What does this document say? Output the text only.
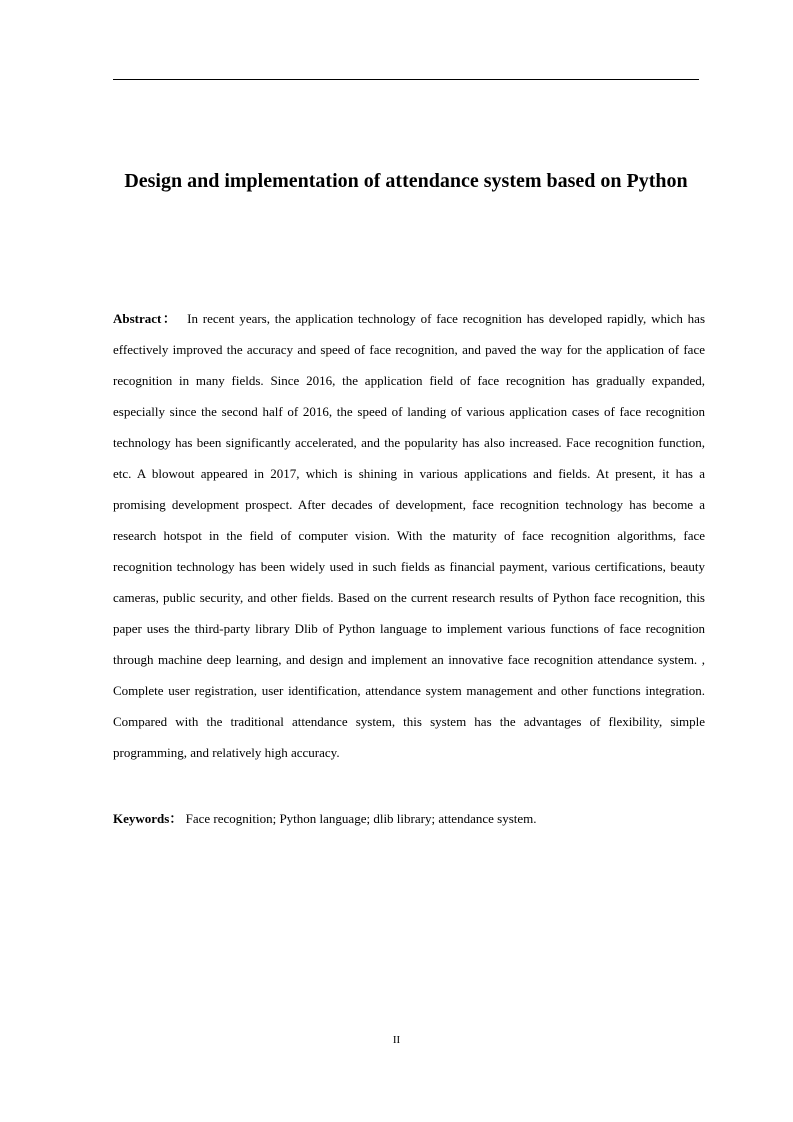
Design and implementation of attendance system based on Python

Abstract： In recent years, the application technology of face recognition has developed rapidly, which has effectively improved the accuracy and speed of face recognition, and paved the way for the application of face recognition in many fields. Since 2016, the application field of face recognition has gradually expanded, especially since the second half of 2016, the speed of landing of various application cases of face recognition technology has been significantly accelerated, and the popularity has also increased. Face recognition function, etc. A blowout appeared in 2017, which is shining in various applications and fields. At present, it has a promising development prospect. After decades of development, face recognition technology has become a research hotspot in the field of computer vision. With the maturity of face recognition algorithms, face recognition technology has been widely used in such fields as financial payment, various certifications, beauty cameras, public security, and other fields. Based on the current research results of Python face recognition, this paper uses the third-party library Dlib of Python language to implement various functions of face recognition through machine deep learning, and design and implement an innovative face recognition attendance system. , Complete user registration, user identification, attendance system management and other functions integration. Compared with the traditional attendance system, this system has the advantages of flexibility, simple programming, and relatively high accuracy.

Keywords： Face recognition; Python language; dlib library; attendance system.

II
